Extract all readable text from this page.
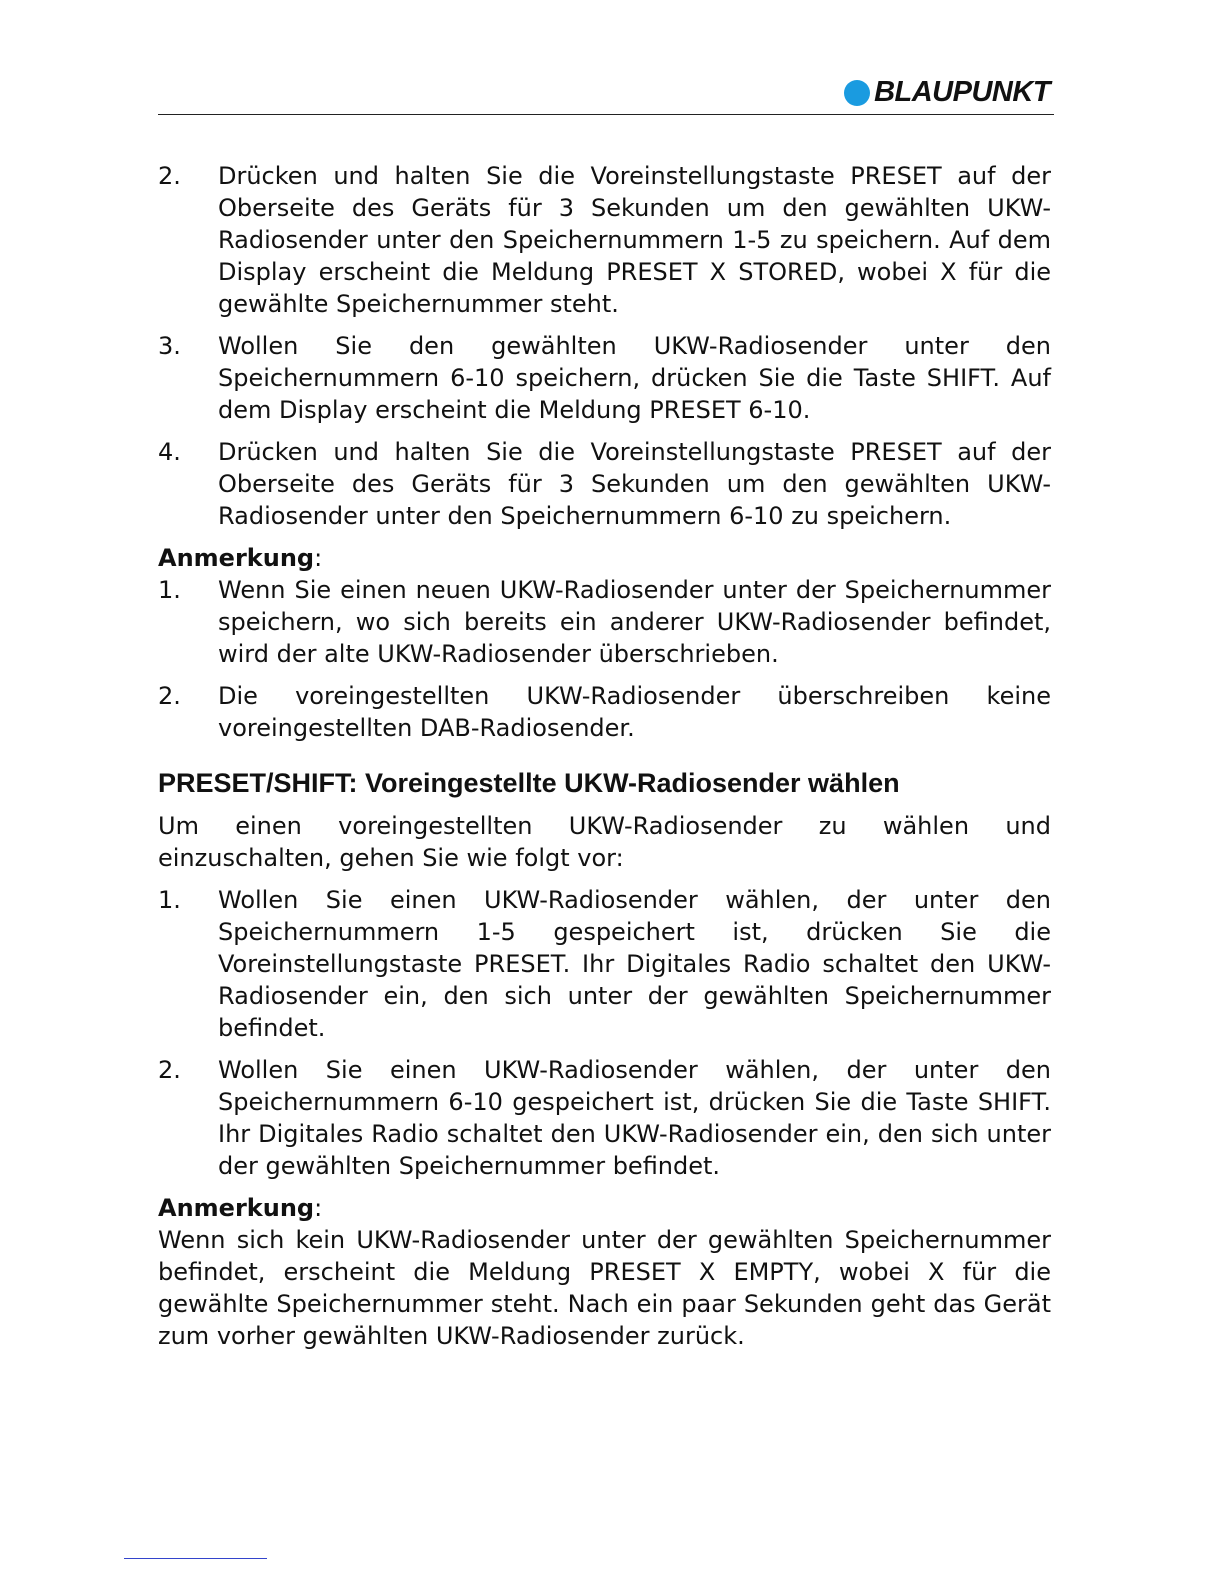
BLAUPUNKT
2.	Drücken und halten Sie die Voreinstellungstaste PRESET auf der Oberseite des Geräts für 3 Sekunden um den gewählten UKW-Radiosender unter den Speichernummern 1-5 zu speichern. Auf dem Display erscheint die Meldung PRESET X STORED, wobei X für die gewählte Speichernummer steht.
3.	Wollen Sie den gewählten UKW-Radiosender unter den Speichernummern 6-10 speichern, drücken Sie die Taste SHIFT. Auf dem Display erscheint die Meldung PRESET 6-10.
4.	Drücken und halten Sie die Voreinstellungstaste PRESET auf der Oberseite des Geräts für 3 Sekunden um den gewählten UKW-Radiosender unter den Speichernummern 6-10 zu speichern.
Anmerkung:
1.	Wenn Sie einen neuen UKW-Radiosender unter der Speichernummer speichern, wo sich bereits ein anderer UKW-Radiosender befindet, wird der alte UKW-Radiosender überschrieben.
2.	Die voreingestellten UKW-Radiosender überschreiben keine voreingestellten DAB-Radiosender.
PRESET/SHIFT: Voreingestellte UKW-Radiosender wählen
Um einen voreingestellten UKW-Radiosender zu wählen und einzuschalten, gehen Sie wie folgt vor:
1.	Wollen Sie einen UKW-Radiosender wählen, der unter den Speichernummern 1-5 gespeichert ist, drücken Sie die Voreinstellungstaste PRESET. Ihr Digitales Radio schaltet den UKW-Radiosender ein, den sich unter der gewählten Speichernummer befindet.
2.	Wollen Sie einen UKW-Radiosender wählen, der unter den Speichernummern 6-10 gespeichert ist, drücken Sie die Taste SHIFT. Ihr Digitales Radio schaltet den UKW-Radiosender ein, den sich unter der gewählten Speichernummer befindet.
Anmerkung:
Wenn sich kein UKW-Radiosender unter der gewählten Speichernummer befindet, erscheint die Meldung PRESET X EMPTY, wobei X für die gewählte Speichernummer steht. Nach ein paar Sekunden geht das Gerät zum vorher gewählten UKW-Radiosender zurück.
